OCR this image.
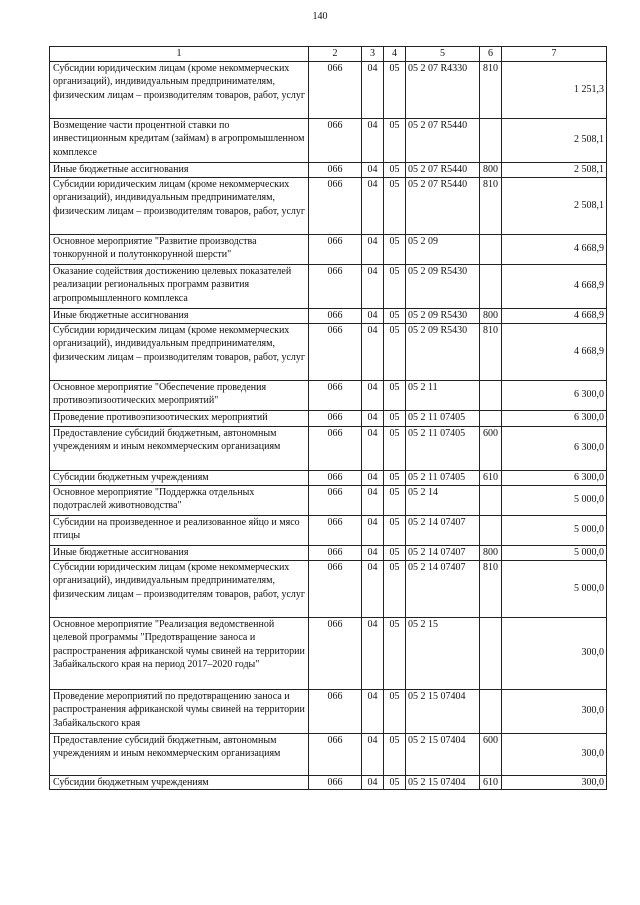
140
1	2	3	4	5	6	7
Субсидии юридическим лицам (кроме некоммерческих организаций), индивидуальным предпринимателям, физическим лицам – производителям товаров, работ, услуг	066	04	05	05 2 07 R4330	810	1 251,3
Возмещение части процентной ставки по инвестиционным кредитам (займам) в агропромышленном комплексе	066	04	05	05 2 07 R5440		2 508,1
Иные бюджетные ассигнования	066	04	05	05 2 07 R5440	800	2 508,1
Субсидии юридическим лицам (кроме некоммерческих организаций), индивидуальным предпринимателям, физическим лицам – производителям товаров, работ, услуг	066	04	05	05 2 07 R5440	810	2 508,1
Основное мероприятие "Развитие производства тонкорунной и полутонкорунной шерсти"	066	04	05	05 2 09		4 668,9
Оказание содействия достижению целевых показателей реализации региональных программ развития агропромышленного комплекса	066	04	05	05 2 09 R5430		4 668,9
Иные бюджетные ассигнования	066	04	05	05 2 09 R5430	800	4 668,9
Субсидии юридическим лицам (кроме некоммерческих организаций), индивидуальным предпринимателям, физическим лицам – производителям товаров, работ, услуг	066	04	05	05 2 09 R5430	810	4 668,9
Основное мероприятие "Обеспечение проведения противоэпизоотических мероприятий"	066	04	05	05 2 11		6 300,0
Проведение противоэпизоотических мероприятий	066	04	05	05 2 11 07405		6 300,0
Предоставление субсидий бюджетным, автономным учреждениям и иным некоммерческим организациям	066	04	05	05 2 11 07405	600	6 300,0
Субсидии бюджетным учреждениям	066	04	05	05 2 11 07405	610	6 300,0
Основное мероприятие "Поддержка отдельных подотраслей животноводства"	066	04	05	05 2 14		5 000,0
Субсидии на произведенное и реализованное яйцо и мясо птицы	066	04	05	05 2 14 07407		5 000,0
Иные бюджетные ассигнования	066	04	05	05 2 14 07407	800	5 000,0
Субсидии юридическим лицам (кроме некоммерческих организаций), индивидуальным предпринимателям, физическим лицам – производителям товаров, работ, услуг	066	04	05	05 2 14 07407	810	5 000,0
Основное мероприятие "Реализация ведомственной целевой программы "Предотвращение заноса и распространения африканской чумы свиней на территории Забайкальского края на период 2017–2020 годы"	066	04	05	05 2 15		300,0
Проведение мероприятий по предотвращению заноса и распространения африканской чумы свиней на территории Забайкальского края	066	04	05	05 2 15 07404		300,0
Предоставление субсидий бюджетным, автономным учреждениям и иным некоммерческим организациям	066	04	05	05 2 15 07404	600	300,0
Субсидии бюджетным учреждениям	066	04	05	05 2 15 07404	610	300,0
